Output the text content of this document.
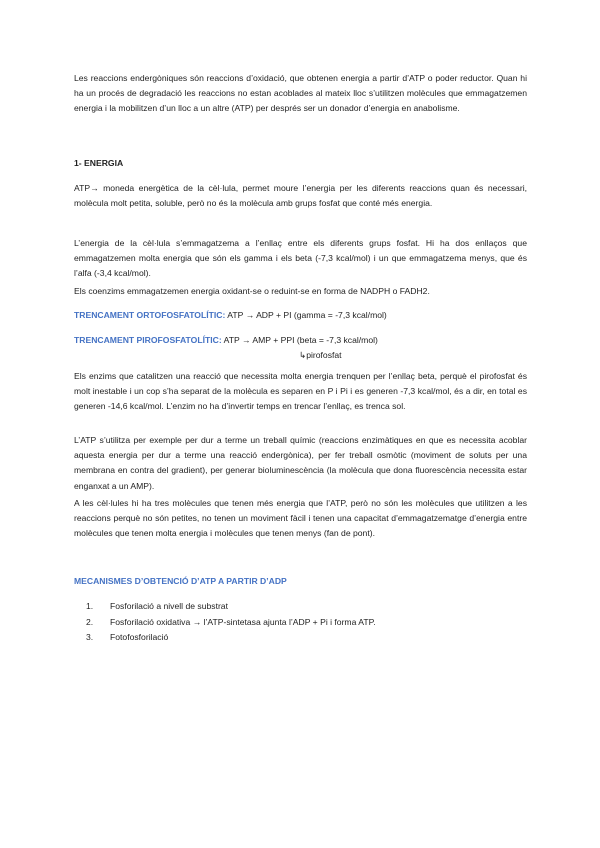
Les reaccions endergòniques són reaccions d’oxidació, que obtenen energia a partir d’ATP o poder reductor. Quan hi ha un procés de degradació les reaccions no estan acoblades al mateix lloc s’utilitzen molècules que emmagatzemen energia i la mobilitzen d’un lloc a un altre (ATP) per després ser un donador d’energia en anabolisme.

1- ENERGIA

ATP→ moneda energètica de la cèl·lula, permet moure l’energia per les diferents reaccions quan és necessari, molècula molt petita, soluble, però no és la molècula amb grups fosfat que conté més energia.

L’energia de la cèl·lula s’emmagatzema a l’enllaç entre els diferents grups fosfat. Hi ha dos enllaços que emmagatzemen molta energia que són els gamma i els beta (-7,3 kcal/mol) i un que emmagatzema menys, que és l’alfa (-3,4 kcal/mol).

Els coenzims emmagatzemen energia oxidant-se o reduint-se en forma de NADPH o FADH2.

TRENCAMENT ORTOFOSFATOLÍTIC: ATP → ADP + PI (gamma = -7,3 kcal/mol)

TRENCAMENT PIROFOSFATOLÍTIC: ATP → AMP + PPI (beta = -7,3 kcal/mol)

↳pirofosfat

Els enzims que catalitzen una reacció que necessita molta energia trenquen per l’enllaç beta, perquè el pirofosfat és molt inestable i un cop s’ha separat de la molècula es separen en P i Pi i es generen -7,3 kcal/mol, és a dir, en total es generen -14,6 kcal/mol. L’enzim no ha d’invertir temps en trencar l’enllaç, es trenca sol.

L’ATP s’utilitza per exemple per dur a terme un treball químic (reaccions enzimàtiques en que es necessita acoblar aquesta energia per dur a terme una reacció endergònica), per fer treball osmòtic (moviment de soluts per una membrana en contra del gradient), per generar bioluminescència (la molècula que dona fluorescència necessita estar enganxat a un AMP).

A les cèl·lules hi ha tres molècules que tenen més energia que l’ATP, però no són les molècules que utilitzen a les reaccions perquè no són petites, no tenen un moviment fàcil i tenen una capacitat d’emmagatzematge d’energia entre molècules que tenen molta energia i molècules que tenen menys (fan de pont).

MECANISMES D’OBTENCIÓ D’ATP A PARTIR D’ADP

1.	Fosforilació a nivell de substrat
2.	Fosforilació oxidativa → l’ATP-sintetasa ajunta l’ADP + Pi i forma ATP.
3.	Fotofosforilació
